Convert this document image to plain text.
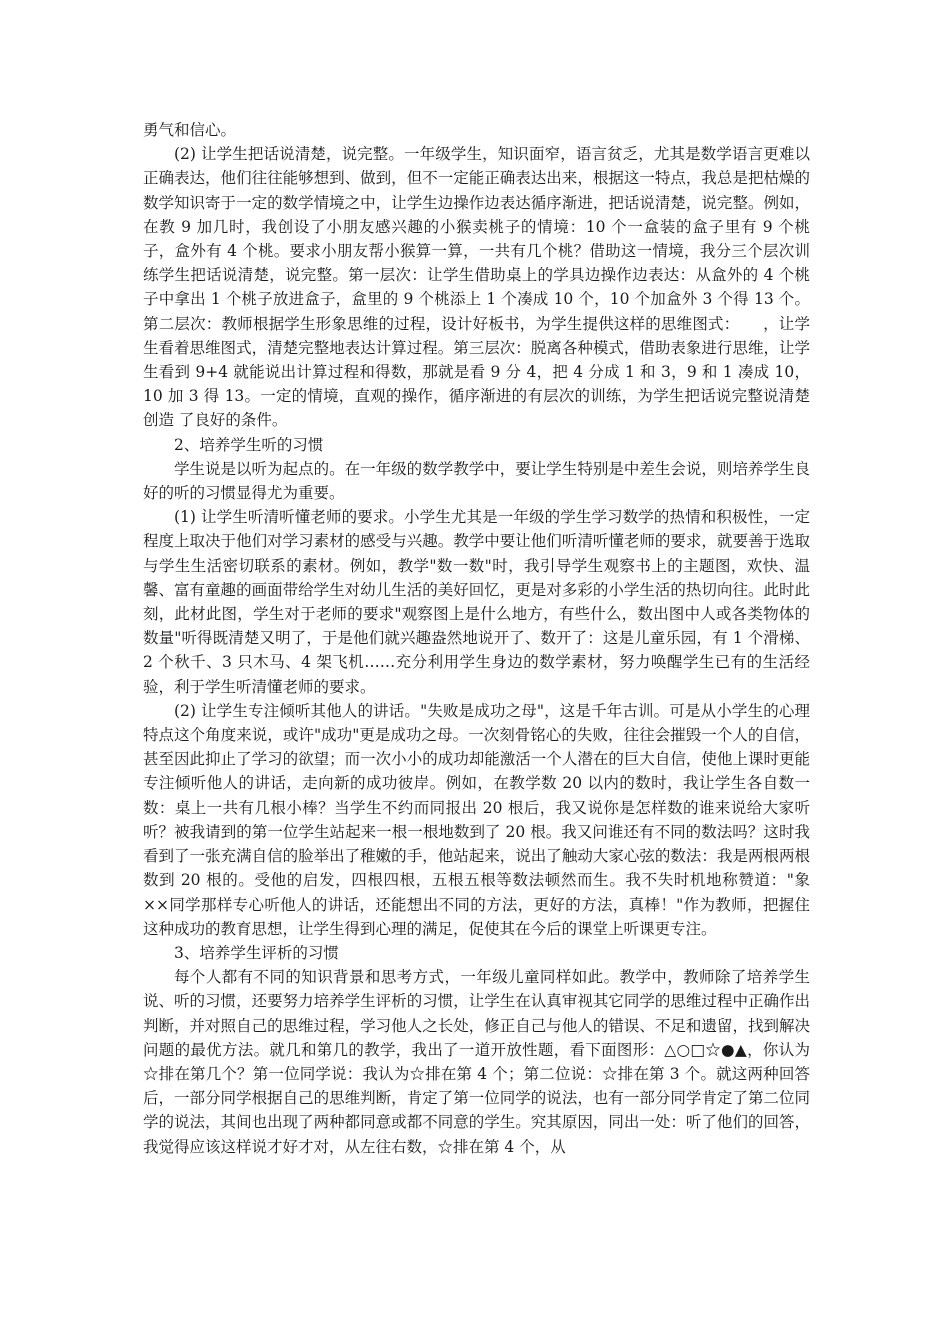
勇气和信心。

(2) 让学生把话说清楚，说完整。一年级学生，知识面窄，语言贫乏，尤其是数学语言更难以正确表达，他们往往能够想到、做到，但不一定能正确表达出来，根据这一特点，我总是把枯燥的数学知识寄于一定的数学情境之中，让学生边操作边表达循序渐进，把话说清楚，说完整。例如，在教 9 加几时，我创设了小朋友感兴趣的小猴卖桃子的情境：10 个一盒装的盒子里有 9 个桃子，盒外有 4 个桃。要求小朋友帮小猴算一算，一共有几个桃？借助这一情境，我分三个层次训练学生把话说清楚，说完整。第一层次：让学生借助桌上的学具边操作边表达：从盒外的 4 个桃子中拿出 1 个桃子放进盒子，盒里的 9 个桃添上 1 个凑成 10 个，10 个加盒外 3 个得 13 个。第二层次：教师根据学生形象思维的过程，设计好板书，为学生提供这样的思维图式：　　，让学生看着思维图式，清楚完整地表达计算过程。第三层次：脱离各种模式，借助表象进行思维，让学生看到 9+4 就能说出计算过程和得数，那就是看 9 分 4，把 4 分成 1 和 3，9 和 1 凑成 10，10 加 3 得 13。一定的情境，直观的操作，循序渐进的有层次的训练，为学生把话说完整说清楚创造 了良好的条件。

2、培养学生听的习惯

学生说是以听为起点的。在一年级的数学教学中，要让学生特别是中差生会说，则培养学生良好的听的习惯显得尤为重要。

(1) 让学生听清听懂老师的要求。小学生尤其是一年级的学生学习数学的热情和积极性，一定程度上取决于他们对学习素材的感受与兴趣。教学中要让他们听清听懂老师的要求，就要善于选取与学生生活密切联系的素材。例如，教学"数一数"时，我引导学生观察书上的主题图，欢快、温馨、富有童趣的画面带给学生对幼儿生活的美好回忆，更是对多彩的小学生活的热切向往。此时此刻，此材此图，学生对于老师的要求"观察图上是什么地方，有些什么，数出图中人或各类物体的数量"听得既清楚又明了，于是他们就兴趣盎然地说开了、数开了：这是儿童乐园，有 1 个滑梯、2 个秋千、3 只木马、4 架飞机……充分利用学生身边的数学素材，努力唤醒学生已有的生活经验，利于学生听清懂老师的要求。

(2) 让学生专注倾听其他人的讲话。"失败是成功之母"，这是千年古训。可是从小学生的心理特点这个角度来说，或许"成功"更是成功之母。一次刻骨铭心的失败，往往会摧毁一个人的自信，甚至因此抑止了学习的欲望；而一次小小的成功却能激活一个人潜在的巨大自信，使他上课时更能专注倾听他人的讲话，走向新的成功彼岸。例如，在教学数 20 以内的数时，我让学生各自数一数：桌上一共有几根小棒？当学生不约而同报出 20 根后，我又说你是怎样数的谁来说给大家听听？被我请到的第一位学生站起来一根一根地数到了 20 根。我又问谁还有不同的数法吗？这时我看到了一张充满自信的脸举出了稚嫩的手，他站起来，说出了触动大家心弦的数法：我是两根两根数到 20 根的。受他的启发，四根四根，五根五根等数法顿然而生。我不失时机地称赞道："象××同学那样专心听他人的讲话，还能想出不同的方法，更好的方法，真棒！"作为教师，把握住这种成功的教育思想，让学生得到心理的满足，促使其在今后的课堂上听课更专注。

3、培养学生评析的习惯

每个人都有不同的知识背景和思考方式，一年级儿童同样如此。教学中，教师除了培养学生说、听的习惯，还要努力培养学生评析的习惯，让学生在认真审视其它同学的思维过程中正确作出判断，并对照自己的思维过程，学习他人之长处，修正自己与他人的错误、不足和遗留，找到解决问题的最优方法。就几和第几的教学，我出了一道开放性题，看下面图形：△○□☆●▲，你认为☆排在第几个？第一位同学说：我认为☆排在第 4 个；第二位说：☆排在第 3 个。就这两种回答后，一部分同学根据自己的思维判断，肯定了第一位同学的说法，也有一部分同学肯定了第二位同学的说法，其间也出现了两种都同意或都不同意的学生。究其原因，同出一处：听了他们的回答，我觉得应该这样说才好才对，从左往右数，☆排在第 4 个，从
